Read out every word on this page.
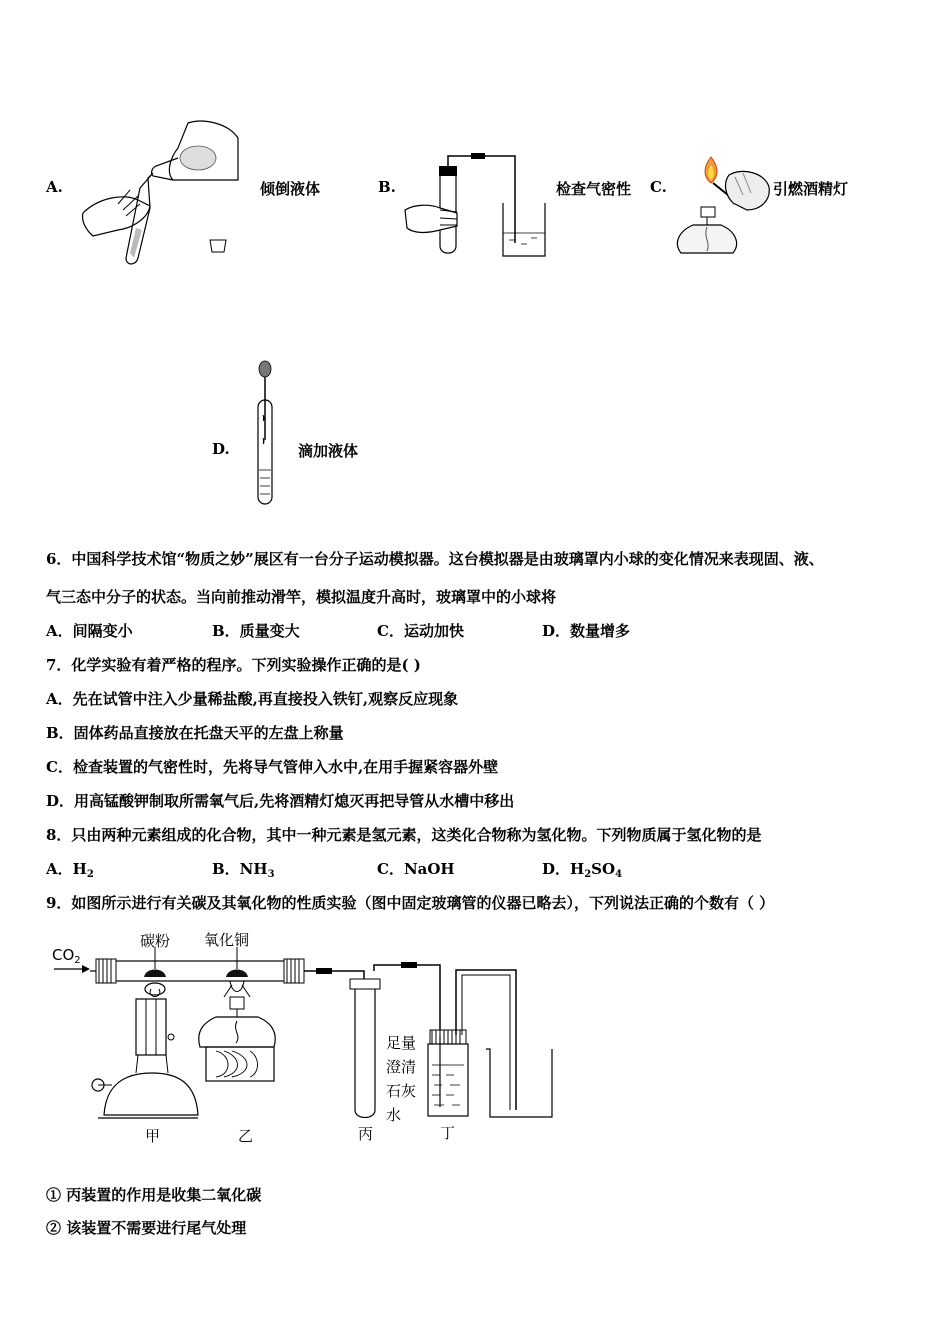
A.	倾倒液体	B.	检查气密性 C.	引燃酒精灯
D.	滴加液体
6．中国科学技术馆“物质之妙”展区有一台分子运动模拟器。这台模拟器是由玻璃罩内小球的变化情况来表现固、液、
气三态中分子的状态。当向前推动滑竿，模拟温度升高时，玻璃罩中的小球将
A．间隔变小	B．质量变大	C．运动加快	D．数量增多
7．化学实验有着严格的程序。下列实验操作正确的是( )
A．先在试管中注入少量稀盐酸,再直接投入铁钉,观察反应现象
B．固体药品直接放在托盘天平的左盘上称量
C．检查装置的气密性时，先将导气管伸入水中,在用手握紧容器外壁
D．用高锰酸钾制取所需氧气后,先将酒精灯熄灭再把导管从水槽中移出
8．只由两种元素组成的化合物，其中一种元素是氢元素，这类化合物称为氢化物。下列物质属于氢化物的是
A．$H_2$	B．$NH_3$	C．NaOH	D．$H_2SO_4$
9．如图所示进行有关碳及其氧化物的性质实验（图中固定玻璃管的仪器已略去），下列说法正确的个数有（ ）
$CO_2$
碳粉 氧化铜
足量
澄清
石灰
水
甲	乙	丙	丁
① 丙装置的作用是收集二氧化碳
② 该装置不需要进行尾气处理
